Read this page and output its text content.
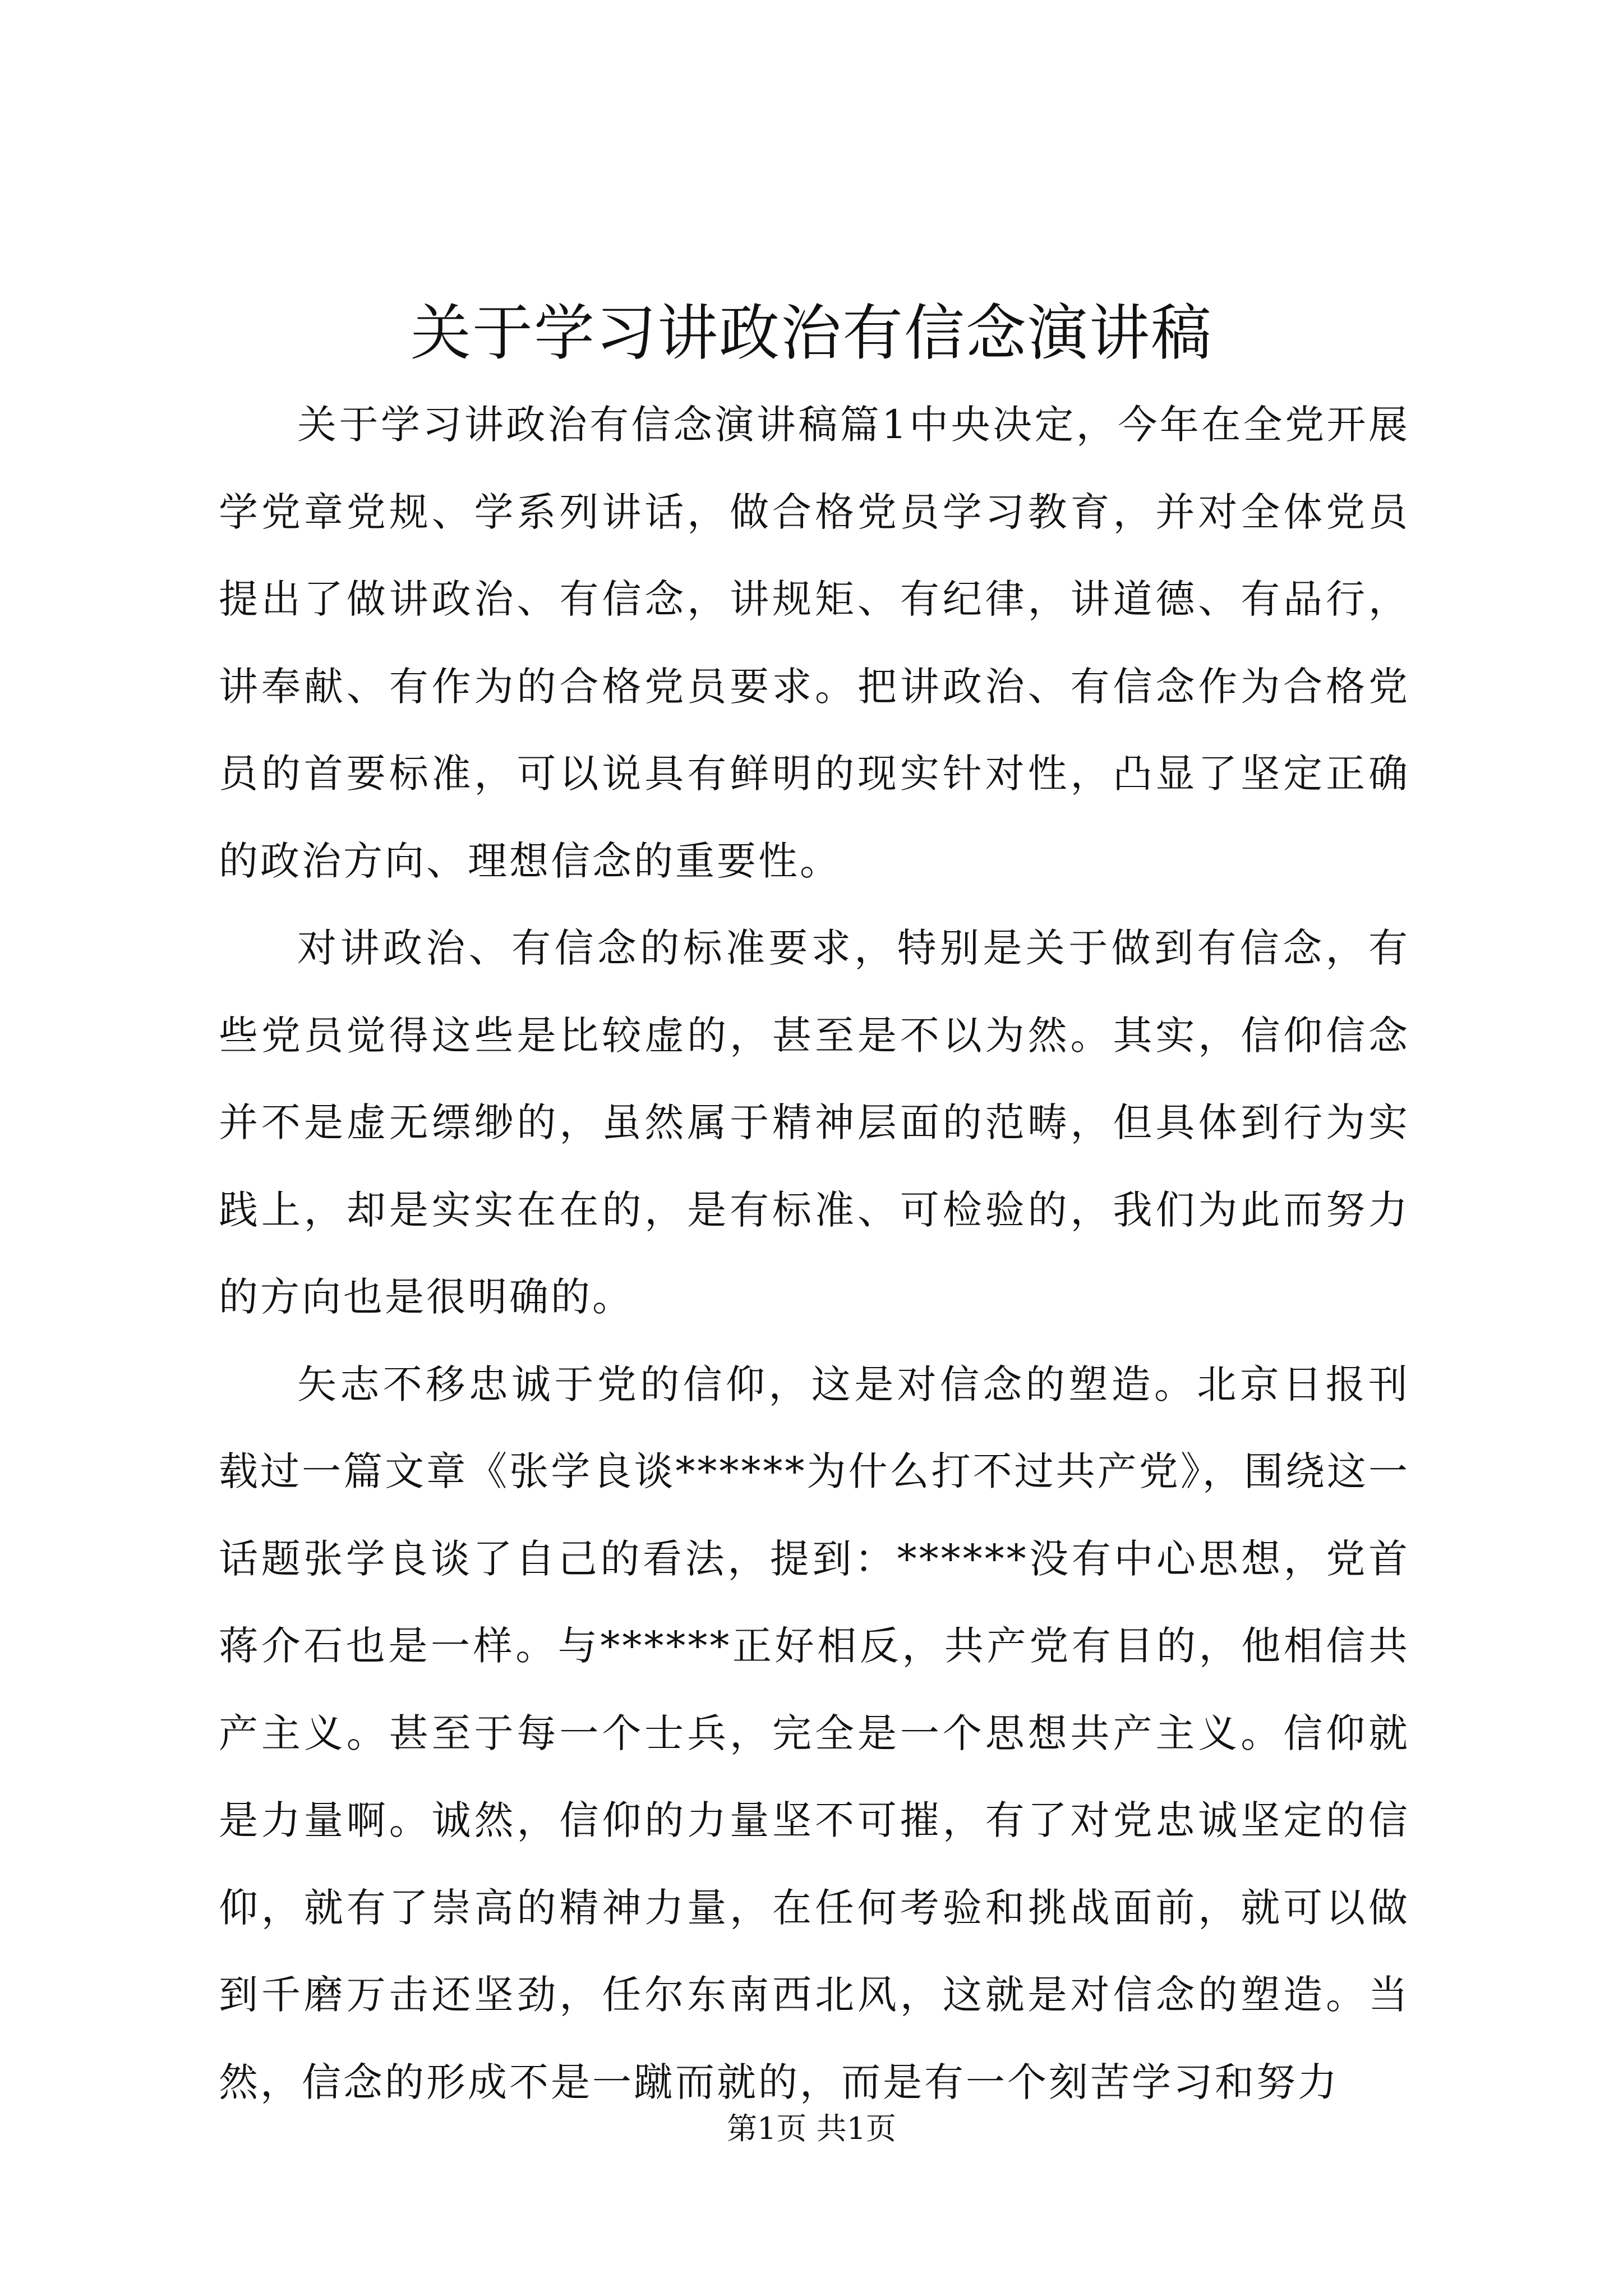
关于学习讲政治有信念演讲稿

关于学习讲政治有信念演讲稿篇1中央决定，今年在全党开展学党章党规、学系列讲话，做合格党员学习教育，并对全体党员提出了做讲政治、有信念，讲规矩、有纪律，讲道德、有品行，讲奉献、有作为的合格党员要求。把讲政治、有信念作为合格党员的首要标准，可以说具有鲜明的现实针对性，凸显了坚定正确的政治方向、理想信念的重要性。

对讲政治、有信念的标准要求，特别是关于做到有信念，有些党员觉得这些是比较虚的，甚至是不以为然。其实，信仰信念并不是虚无缥缈的，虽然属于精神层面的范畴，但具体到行为实践上，却是实实在在的，是有标准、可检验的，我们为此而努力的方向也是很明确的。

矢志不移忠诚于党的信仰，这是对信念的塑造。北京日报刊载过一篇文章《张学良谈******为什么打不过共产党》，围绕这一话题张学良谈了自己的看法，提到：******没有中心思想，党首蒋介石也是一样。与******正好相反，共产党有目的，他相信共产主义。甚至于每一个士兵，完全是一个思想共产主义。信仰就是力量啊。诚然，信仰的力量坚不可摧，有了对党忠诚坚定的信仰，就有了崇高的精神力量，在任何考验和挑战面前，就可以做到千磨万击还坚劲，任尔东南西北风，这就是对信念的塑造。当然，信念的形成不是一蹴而就的，而是有一个刻苦学习和努力

第1页 共1页
